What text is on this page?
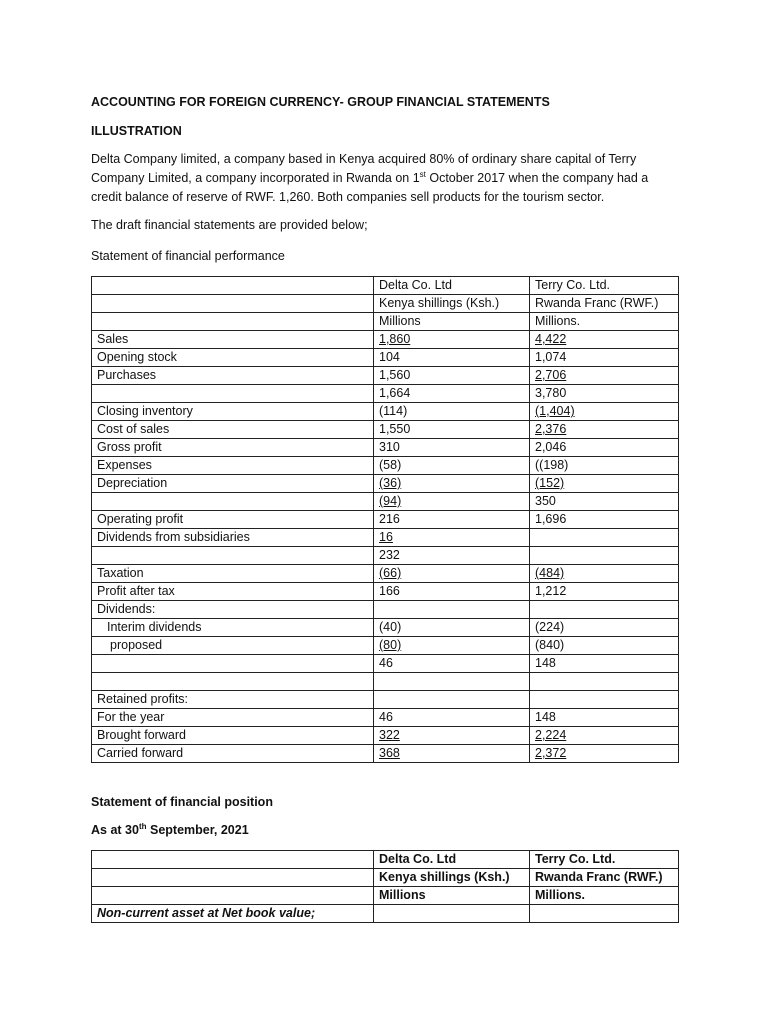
ACCOUNTING FOR FOREIGN CURRENCY- GROUP FINANCIAL STATEMENTS

ILLUSTRATION

Delta Company limited, a company based in Kenya acquired 80% of ordinary share capital of Terry Company Limited, a company incorporated in Rwanda on 1st October 2017 when the company had a credit balance of reserve of RWF. 1,260. Both companies sell products for the tourism sector.

The draft financial statements are provided below;

Statement of financial performance

	Delta Co. Ltd	Terry Co. Ltd.
	Kenya shillings (Ksh.)	Rwanda Franc (RWF.)
	Millions	Millions.
Sales	1,860	4,422
Opening stock	104	1,074
Purchases	1,560	2,706
	1,664	3,780
Closing inventory	(114)	(1,404)
Cost of sales	1,550	2,376
Gross profit	310	2,046
Expenses	(58)	((198)
Depreciation	(36)	(152)
	(94)	350
Operating profit	216	1,696
Dividends from subsidiaries	16	
	232	
Taxation	(66)	(484)
Profit after tax	166	1,212
Dividends:		
Interim dividends	(40)	(224)
proposed	(80)	(840)
	46	148

Retained profits:		
For the year	46	148
Brought forward	322	2,224
Carried forward	368	2,372

Statement of financial position

As at 30th September, 2021

	Delta Co. Ltd	Terry Co. Ltd.
	Kenya shillings (Ksh.)	Rwanda Franc (RWF.)
	Millions	Millions.
Non-current asset at Net book value;		
